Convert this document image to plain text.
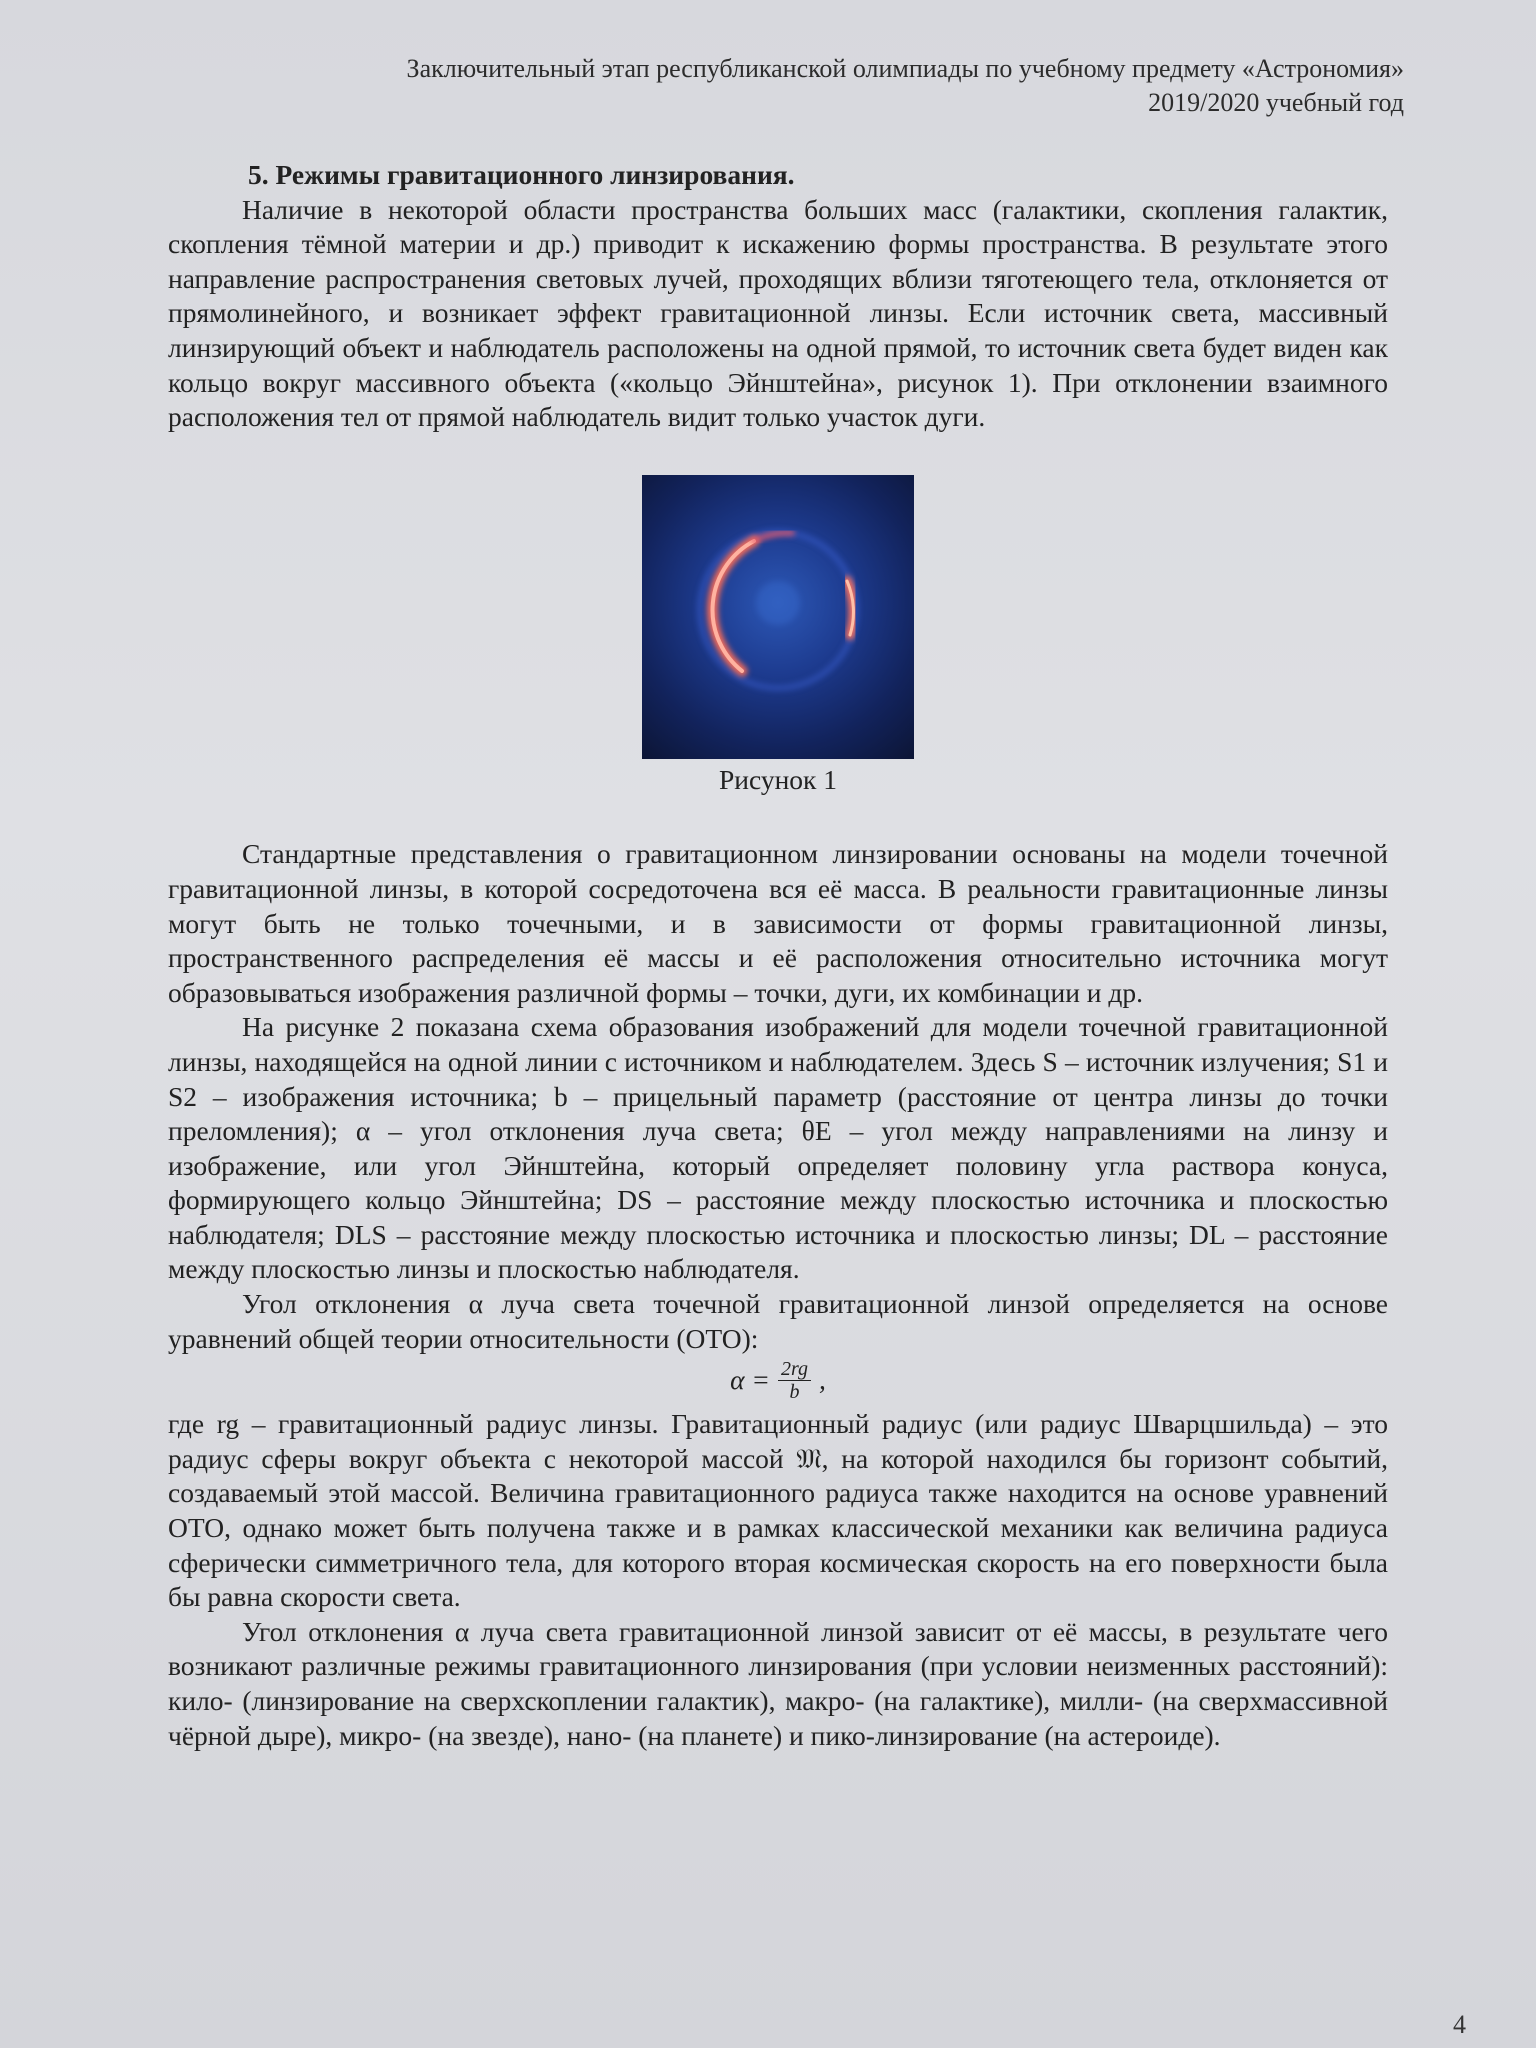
Заключительный этап республиканской олимпиады по учебному предмету «Астрономия»
2019/2020 учебный год
5. Режимы гравитационного линзирования.

Наличие в некоторой области пространства больших масс (галактики, скопления галактик, скопления тёмной материи и др.) приводит к искажению формы пространства. В результате этого направление распространения световых лучей, проходящих вблизи тяготеющего тела, отклоняется от прямолинейного, и возникает эффект гравитационной линзы. Если источник света, массивный линзирующий объект и наблюдатель расположены на одной прямой, то источник света будет виден как кольцо вокруг массивного объекта («кольцо Эйнштейна», рисунок 1). При отклонении взаимного расположения тел от прямой наблюдатель видит только участок дуги.

Рисунок 1

Стандартные представления о гравитационном линзировании основаны на модели точечной гравитационной линзы, в которой сосредоточена вся её масса. В реальности гравитационные линзы могут быть не только точечными, и в зависимости от формы гравитационной линзы, пространственного распределения её массы и её расположения относительно источника могут образовываться изображения различной формы – точки, дуги, их комбинации и др.

На рисунке 2 показана схема образования изображений для модели точечной гравитационной линзы, находящейся на одной линии с источником и наблюдателем. Здесь S – источник излучения; S1 и S2 – изображения источника; b – прицельный параметр (расстояние от центра линзы до точки преломления); α – угол отклонения луча света; θE – угол между направлениями на линзу и изображение, или угол Эйнштейна, который определяет половину угла раствора конуса, формирующего кольцо Эйнштейна; DS – расстояние между плоскостью источника и плоскостью наблюдателя; DLS – расстояние между плоскостью источника и плоскостью линзы; DL – расстояние между плоскостью линзы и плоскостью наблюдателя.

Угол отклонения α луча света точечной гравитационной линзой определяется на основе уравнений общей теории относительности (ОТО):

$\alpha = \frac{2rg}{b}$ ,

где rg – гравитационный радиус линзы. Гравитационный радиус (или радиус Шварцшильда) – это радиус сферы вокруг объекта с некоторой массой 𝔐, на которой находился бы горизонт событий, создаваемый этой массой. Величина гравитационного радиуса также находится на основе уравнений ОТО, однако может быть получена также и в рамках классической механики как величина радиуса сферически симметричного тела, для которого вторая космическая скорость на его поверхности была бы равна скорости света.

Угол отклонения α луча света гравитационной линзой зависит от её массы, в результате чего возникают различные режимы гравитационного линзирования (при условии неизменных расстояний): кило- (линзирование на сверхскоплении галактик), макро- (на галактике), милли- (на сверхмассивной чёрной дыре), микро- (на звезде), нано- (на планете) и пико-линзирование (на астероиде).

4
